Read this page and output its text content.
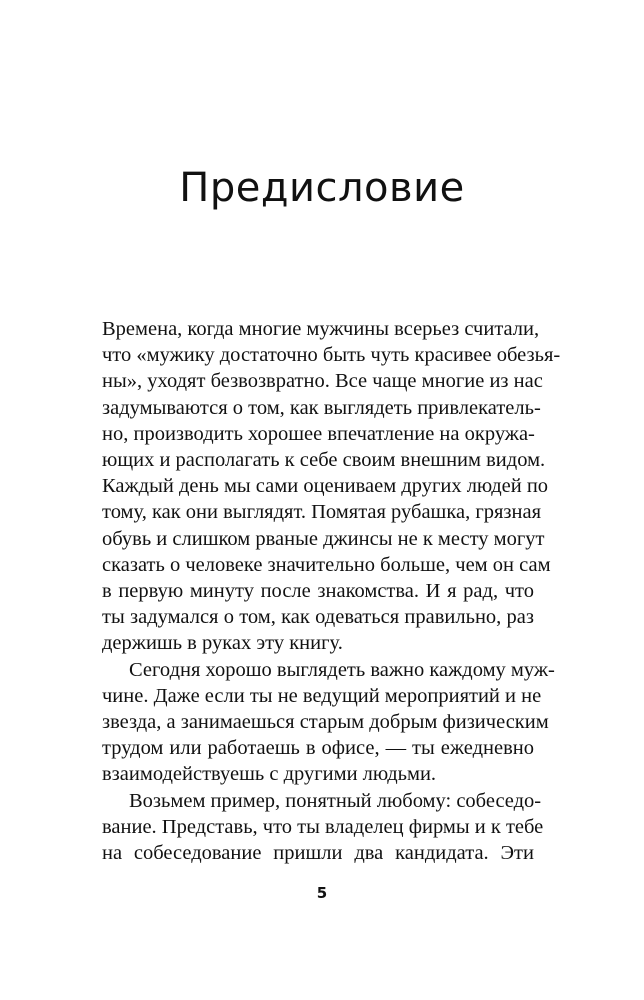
Предисловие

Времена, когда многие мужчины всерьез считали,
что «мужику достаточно быть чуть красивее обезья-
ны», уходят безвозвратно. Все чаще многие из нас
задумываются о том, как выглядеть привлекатель-
но, производить хорошее впечатление на окружа-
ющих и располагать к себе своим внешним видом.
Каждый день мы сами оцениваем других людей по
тому, как они выглядят. Помятая рубашка, грязная
обувь и слишком рваные джинсы не к месту могут
сказать о человеке значительно больше, чем он сам
в первую минуту после знакомства. И я рад, что
ты задумался о том, как одеваться правильно, раз
держишь в руках эту книгу.

Сегодня хорошо выглядеть важно каждому муж-
чине. Даже если ты не ведущий мероприятий и не
звезда, а занимаешься старым добрым физическим
трудом или работаешь в офисе, — ты ежедневно
взаимодействуешь с другими людьми.

Возьмем пример, понятный любому: собеседо-
вание. Представь, что ты владелец фирмы и к тебе
на собеседование пришли два кандидата. Эти

5
